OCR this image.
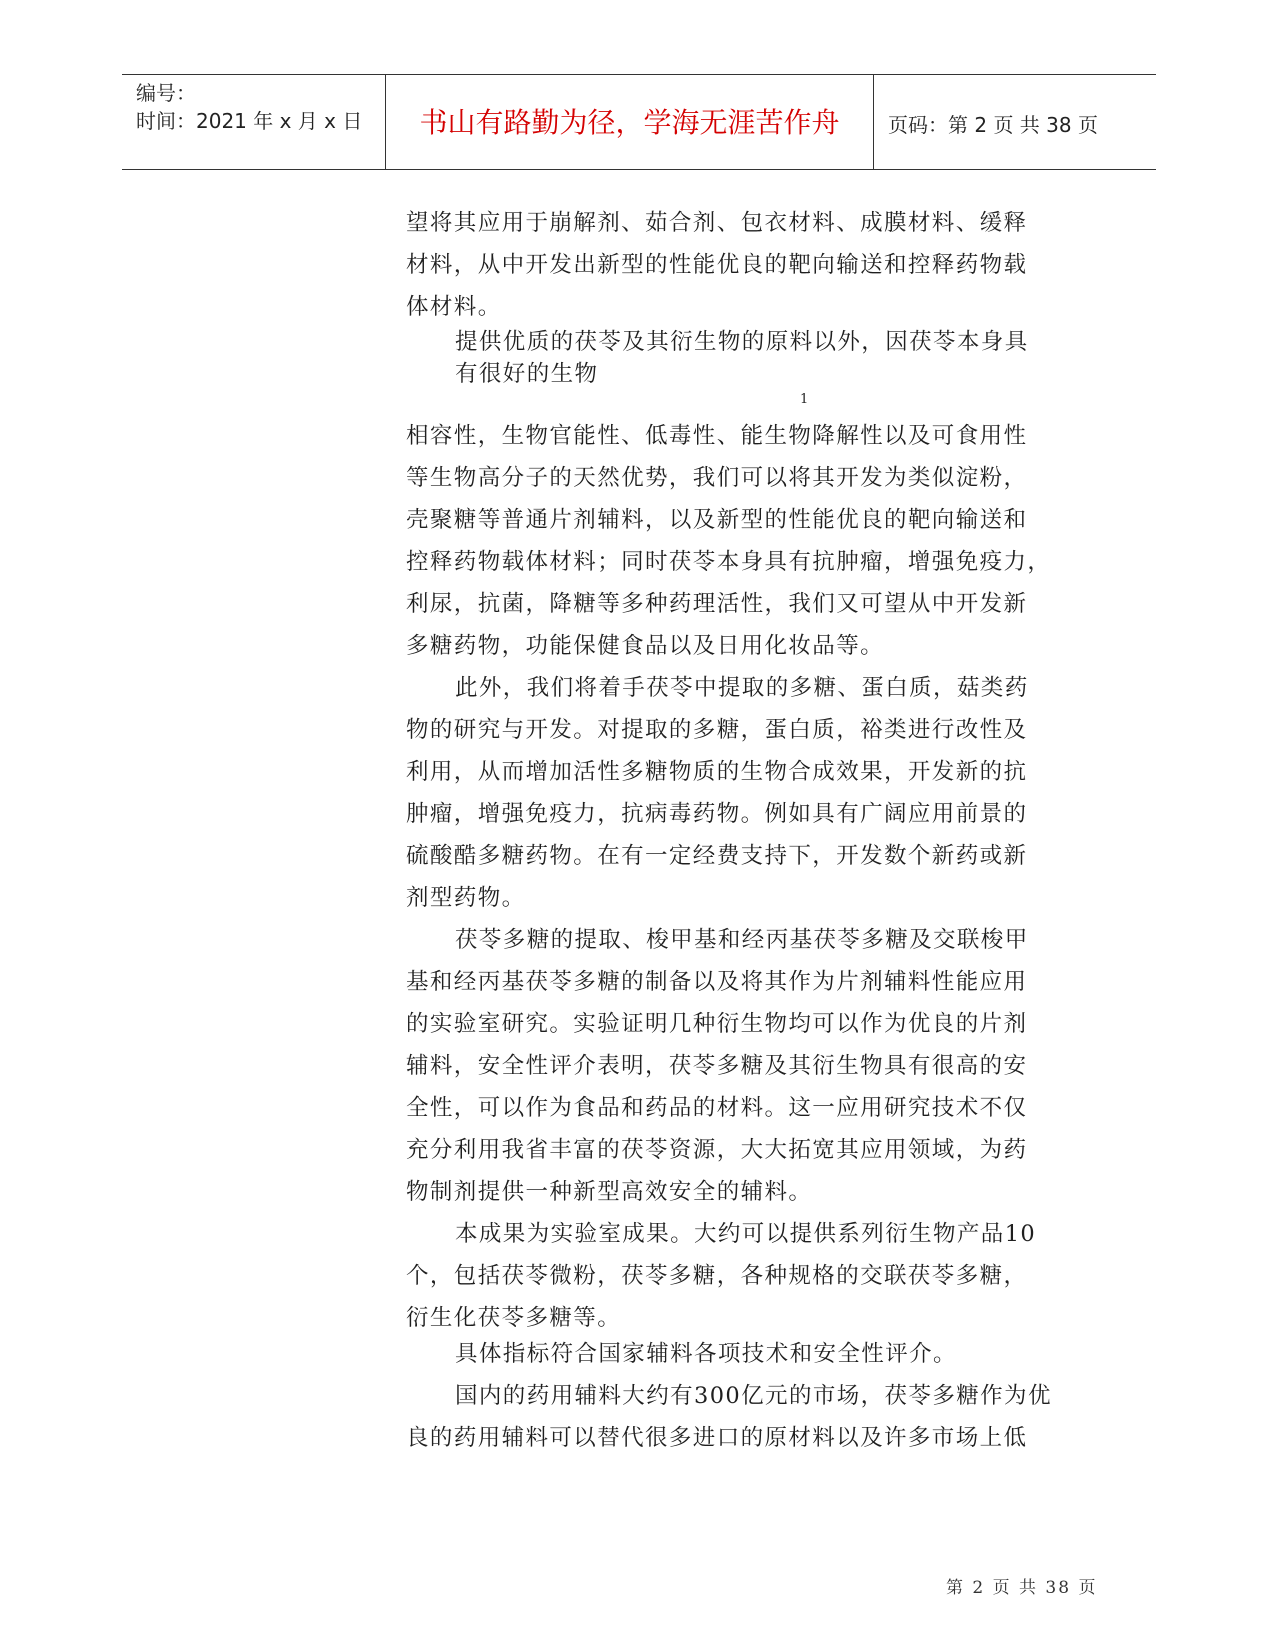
编号：
时间：2021 年 x 月 x 日	书山有路勤为径，学海无涯苦作舟	页码：第 2 页 共 38 页

望将其应用于崩解剂、茹合剂、包衣材料、成膜材料、缓释

材料，从中开发出新型的性能优良的靶向输送和控释药物载

体材料。

提供优质的茯苓及其衍生物的原料以外，因茯苓本身具

有很好的生物

1

相容性，生物官能性、低毒性、能生物降解性以及可食用性

等生物高分子的天然优势，我们可以将其开发为类似淀粉，

壳聚糖等普通片剂辅料，以及新型的性能优良的靶向输送和

控释药物载体材料；同时茯苓本身具有抗肿瘤，增强免疫力，

利尿，抗菌，降糖等多种药理活性，我们又可望从中开发新

多糖药物，功能保健食品以及日用化妆品等。

此外，我们将着手茯苓中提取的多糖、蛋白质，菇类药

物的研究与开发。对提取的多糖，蛋白质，裕类进行改性及

利用，从而增加活性多糖物质的生物合成效果，开发新的抗

肿瘤，增强免疫力，抗病毒药物。例如具有广阔应用前景的

硫酸酷多糖药物。在有一定经费支持下，开发数个新药或新

剂型药物。

茯苓多糖的提取、梭甲基和经丙基茯苓多糖及交联梭甲

基和经丙基茯苓多糖的制备以及将其作为片剂辅料性能应用

的实验室研究。实验证明几种衍生物均可以作为优良的片剂

辅料，安全性评介表明，茯苓多糖及其衍生物具有很高的安

全性，可以作为食品和药品的材料。这一应用研究技术不仅

充分利用我省丰富的茯苓资源，大大拓宽其应用领域，为药

物制剂提供一种新型高效安全的辅料。

本成果为实验室成果。大约可以提供系列衍生物产品10

个，包括茯苓微粉，茯苓多糖，各种规格的交联茯苓多糖，

衍生化茯苓多糖等。

具体指标符合国家辅料各项技术和安全性评介。

国内的药用辅料大约有300亿元的市场，茯苓多糖作为优

良的药用辅料可以替代很多进口的原材料以及许多市场上低

第 2 页 共 38 页
